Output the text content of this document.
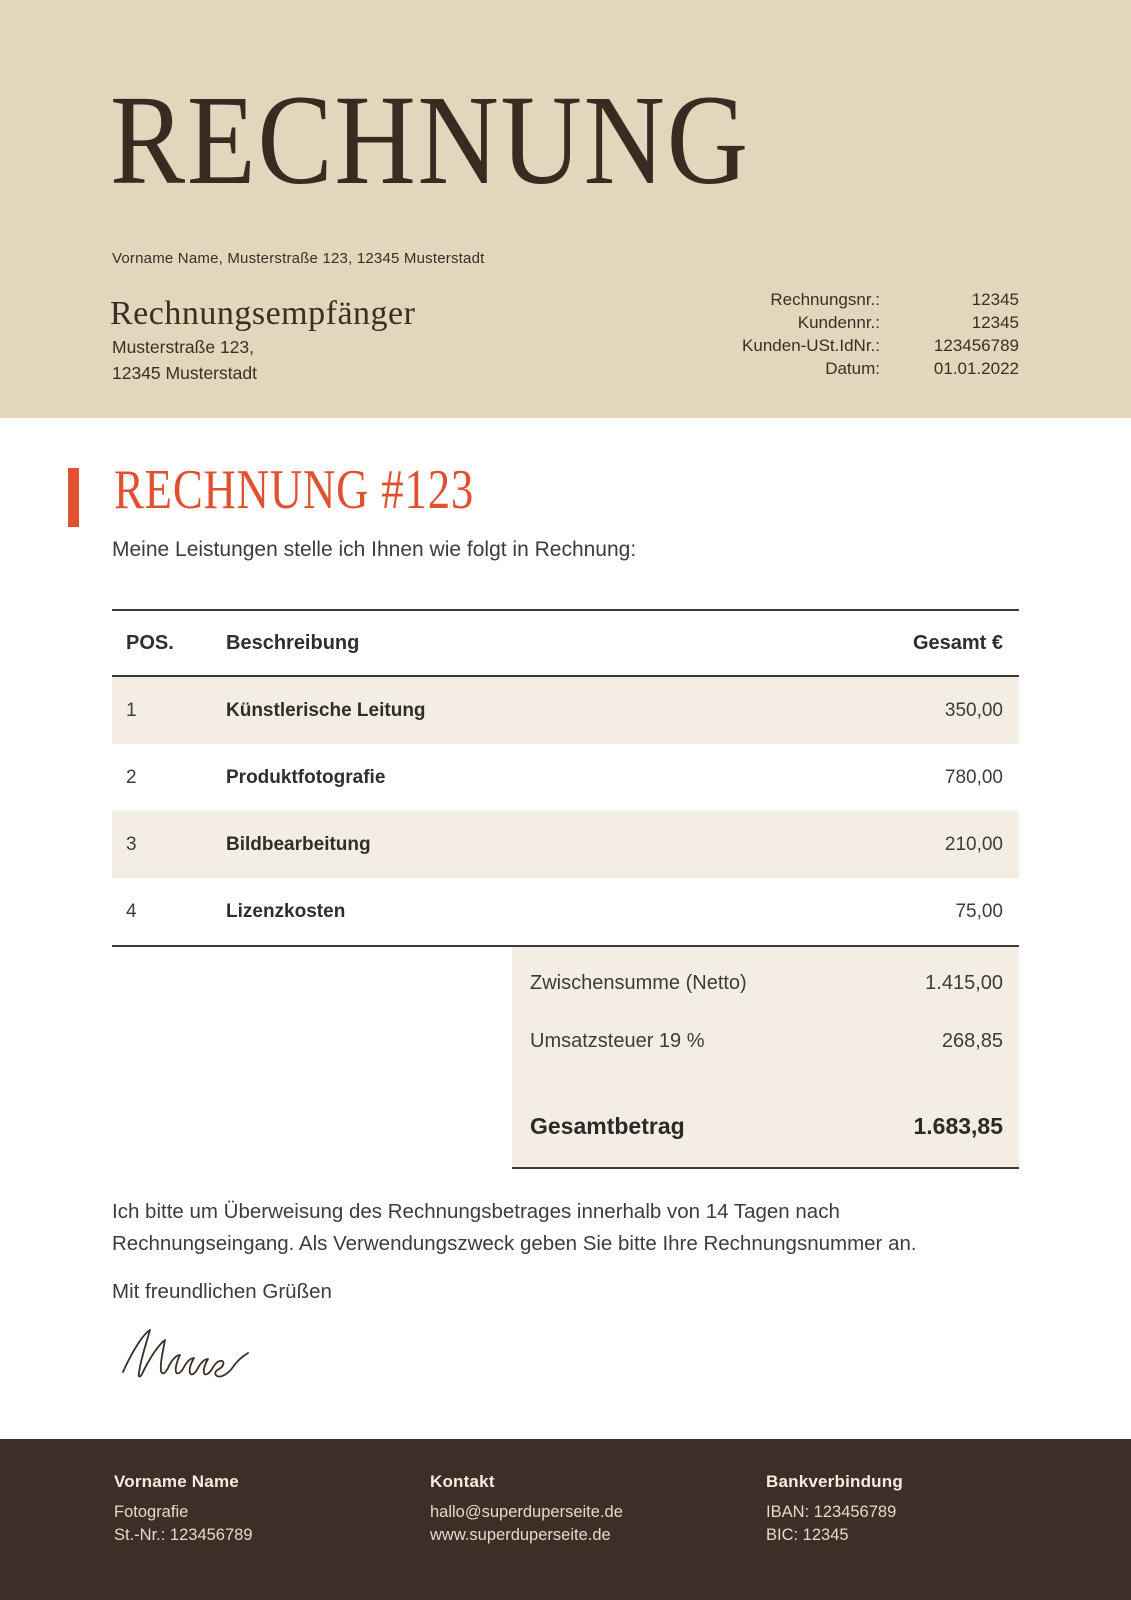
RECHNUNG
Vorname Name, Musterstraße 123, 12345 Musterstadt
Rechnungsempfänger
Musterstraße 123,
12345 Musterstadt
Rechnungsnr.:	12345
Kundennr.:	12345
Kunden-USt.IdNr.:	123456789
Datum:	01.01.2022
RECHNUNG #123
Meine Leistungen stelle ich Ihnen wie folgt in Rechnung:
POS.	Beschreibung	Gesamt €
1	Künstlerische Leitung	350,00
2	Produktfotografie	780,00
3	Bildbearbeitung	210,00
4	Lizenzkosten	75,00
Zwischensumme (Netto)	1.415,00
Umsatzsteuer 19 %	268,85
Gesamtbetrag	1.683,85
Ich bitte um Überweisung des Rechnungsbetrages innerhalb von 14 Tagen nach Rechnungseingang. Als Verwendungszweck geben Sie bitte Ihre Rechnungsnummer an.
Mit freundlichen Grüßen

Vorname Name

Fotografie
St.-Nr.: 123456789

Kontakt

hallo@superduperseite.de
www.superduperseite.de

Bankverbindung

IBAN: 123456789
BIC: 12345
